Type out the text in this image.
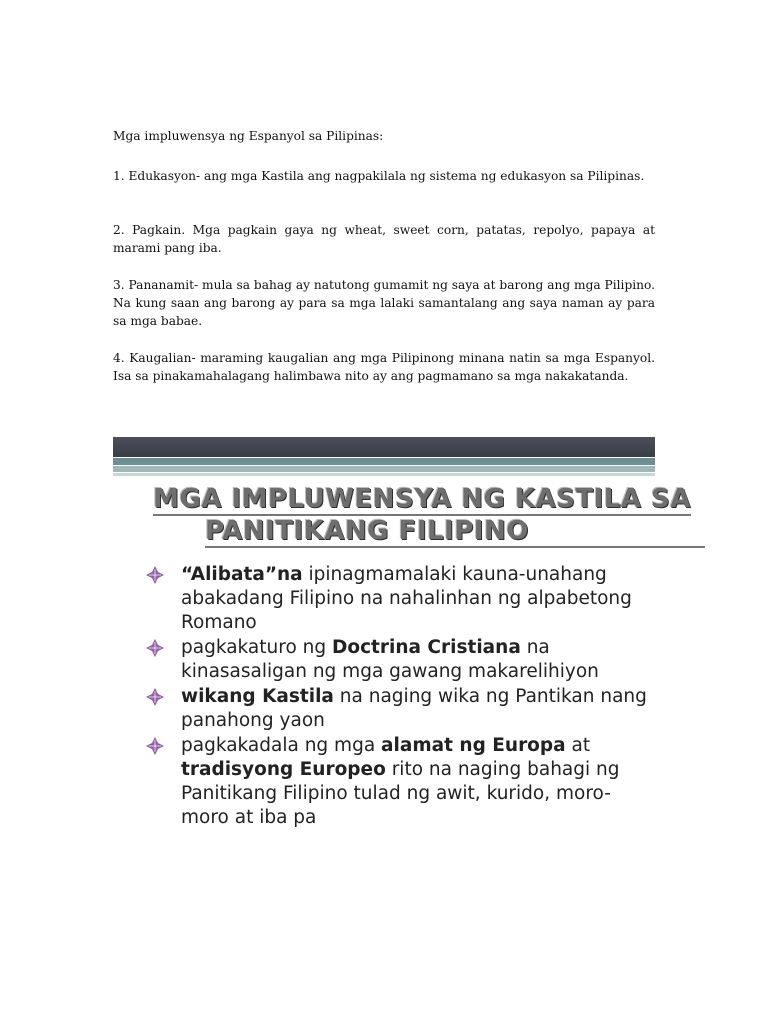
Mga impluwensya ng Espanyol sa Pilipinas:
1. Edukasyon- ang mga Kastila ang nagpakilala ng sistema ng edukasyon sa Pilipinas.
2. Pagkain. Mga pagkain gaya ng wheat, sweet corn, patatas, repolyo, papaya at marami pang iba.
3. Pananamit- mula sa bahag ay natutong gumamit ng saya at barong ang mga Pilipino. Na kung saan ang barong ay para sa mga lalaki samantalang ang saya naman ay para sa mga babae.
4. Kaugalian- maraming kaugalian ang mga Pilipinong minana natin sa mga Espanyol. Isa sa pinakamahalagang halimbawa nito ay ang pagmamano sa mga nakakatanda.
MGA IMPLUWENSYA NG KASTILA SA
PANITIKANG FILIPINO
“Alibata”na ipinagmamalaki kauna-unahang abakadang Filipino na nahalinhan ng alpabetong Romano
pagkakaturo ng Doctrina Cristiana na kinasasaligan ng mga gawang makarelihiyon
wikang Kastila na naging wika ng Pantikan nang panahong yaon
pagkakadala ng mga alamat ng Europa at tradisyong Europeo rito na naging bahagi ng Panitikang Filipino tulad ng awit, kurido, moro-moro at iba pa
